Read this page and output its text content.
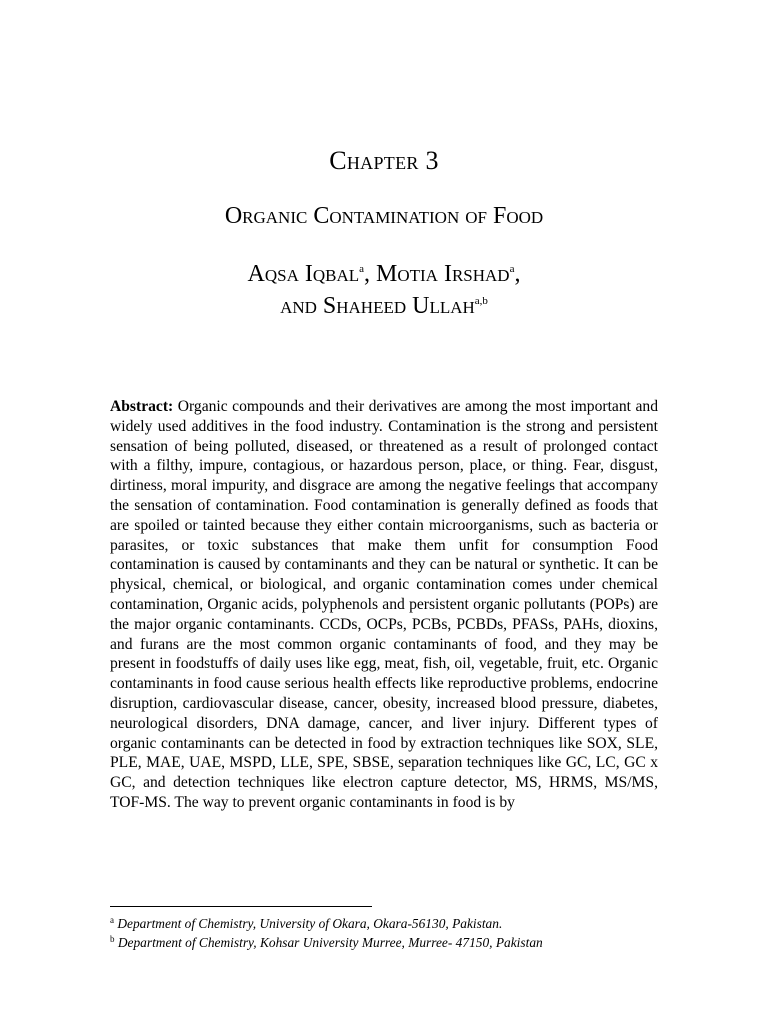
Chapter 3
Organic Contamination of Food
Aqsa Iqbal$^a$, Motia Irshad$^a$,
and Shaheed Ullah$^{a,b}$
Abstract: Organic compounds and their derivatives are among the most important and widely used additives in the food industry. Contamination is the strong and persistent sensation of being polluted, diseased, or threatened as a result of prolonged contact with a filthy, impure, contagious, or hazardous person, place, or thing. Fear, disgust, dirtiness, moral impurity, and disgrace are among the negative feelings that accompany the sensation of contamination. Food contamination is generally defined as foods that are spoiled or tainted because they either contain microorganisms, such as bacteria or parasites, or toxic substances that make them unfit for consumption Food contamination is caused by contaminants and they can be natural or synthetic. It can be physical, chemical, or biological, and organic contamination comes under chemical contamination, Organic acids, polyphenols and persistent organic pollutants (POPs) are the major organic contaminants. CCDs, OCPs, PCBs, PCBDs, PFASs, PAHs, dioxins, and furans are the most common organic contaminants of food, and they may be present in foodstuffs of daily uses like egg, meat, fish, oil, vegetable, fruit, etc. Organic contaminants in food cause serious health effects like reproductive problems, endocrine disruption, cardiovascular disease, cancer, obesity, increased blood pressure, diabetes, neurological disorders, DNA damage, cancer, and liver injury. Different types of organic contaminants can be detected in food by extraction techniques like SOX, SLE, PLE, MAE, UAE, MSPD, LLE, SPE, SBSE, separation techniques like GC, LC, GC x GC, and detection techniques like electron capture detector, MS, HRMS, MS/MS, TOF-MS. The way to prevent organic contaminants in food is by
$^a$ Department of Chemistry, University of Okara, Okara-56130, Pakistan.
$^b$ Department of Chemistry, Kohsar University Murree, Murree- 47150, Pakistan
